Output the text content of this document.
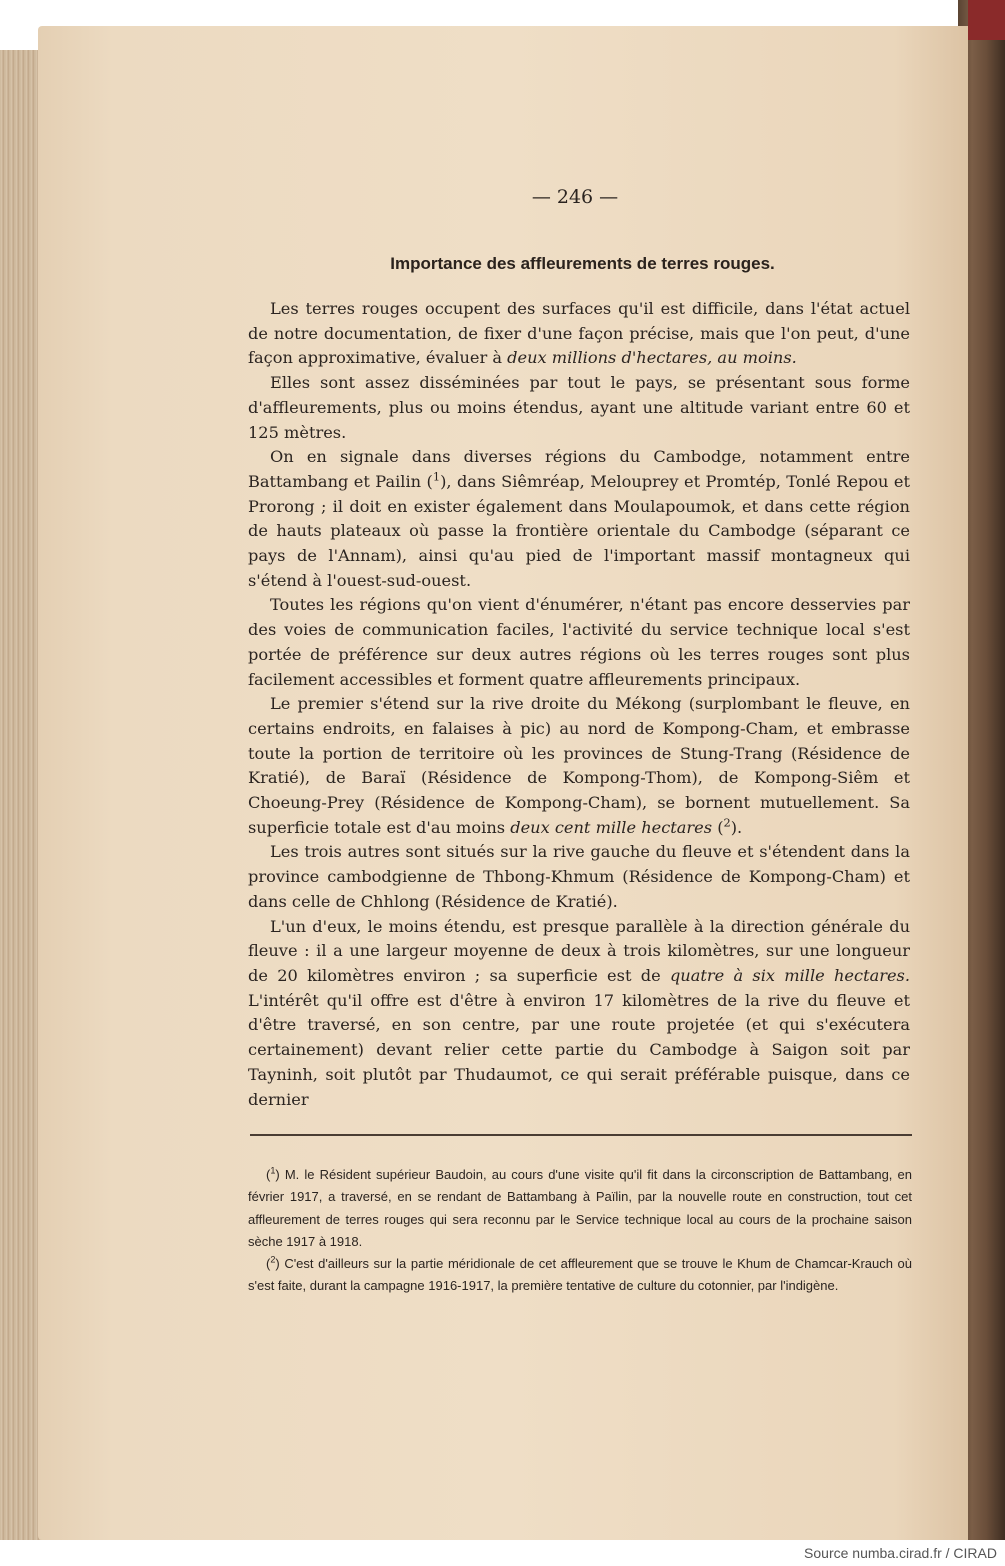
— 246 —
Importance des affleurements de terres rouges.

Les terres rouges occupent des surfaces qu'il est difficile, dans l'état actuel de notre documentation, de fixer d'une façon précise, mais que l'on peut, d'une façon approximative, évaluer à deux millions d'hectares, au moins.

Elles sont assez disséminées par tout le pays, se présentant sous forme d'affleurements, plus ou moins étendus, ayant une altitude variant entre 60 et 125 mètres.

On en signale dans diverses régions du Cambodge, notamment entre Battambang et Pailin ($^1$), dans Siêmréap, Melouprey et Promtép, Tonlé Repou et Prorong ; il doit en exister également dans Moulapoumok, et dans cette région de hauts plateaux où passe la frontière orientale du Cambodge (séparant ce pays de l'Annam), ainsi qu'au pied de l'important massif montagneux qui s'étend à l'ouest-sud-ouest.

Toutes les régions qu'on vient d'énumérer, n'étant pas encore desservies par des voies de communication faciles, l'activité du service technique local s'est portée de préférence sur deux autres régions où les terres rouges sont plus facilement accessibles et forment quatre affleurements principaux.

Le premier s'étend sur la rive droite du Mékong (surplombant le fleuve, en certains endroits, en falaises à pic) au nord de Kompong-Cham, et embrasse toute la portion de territoire où les provinces de Stung-Trang (Résidence de Kratié), de Baraï (Résidence de Kompong-Thom), de Kompong-Siêm et Choeung-Prey (Résidence de Kompong-Cham), se bornent mutuellement. Sa superficie totale est d'au moins deux cent mille hectares ($^2$).

Les trois autres sont situés sur la rive gauche du fleuve et s'étendent dans la province cambodgienne de Thbong-Khmum (Résidence de Kompong-Cham) et dans celle de Chhlong (Résidence de Kratié).

L'un d'eux, le moins étendu, est presque parallèle à la direction générale du fleuve : il a une largeur moyenne de deux à trois kilomètres, sur une longueur de 20 kilomètres environ ; sa superficie est de quatre à six mille hectares. L'intérêt qu'il offre est d'être à environ 17 kilomètres de la rive du fleuve et d'être traversé, en son centre, par une route projetée (et qui s'exécutera certainement) devant relier cette partie du Cambodge à Saigon soit par Tayninh, soit plutôt par Thudaumot, ce qui serait préférable puisque, dans ce dernier

($^1$) M. le Résident supérieur Baudoin, au cours d'une visite qu'il fit dans la circonscription de Battambang, en février 1917, a traversé, en se rendant de Battambang à Païlin, par la nouvelle route en construction, tout cet affleurement de terres rouges qui sera reconnu par le Service technique local au cours de la prochaine saison sèche 1917 à 1918.

($^2$) C'est d'ailleurs sur la partie méridionale de cet affleurement que se trouve le Khum de Chamcar-Krauch où s'est faite, durant la campagne 1916-1917, la première tentative de culture du cotonnier, par l'indigène.

Source numba.cirad.fr / CIRAD
